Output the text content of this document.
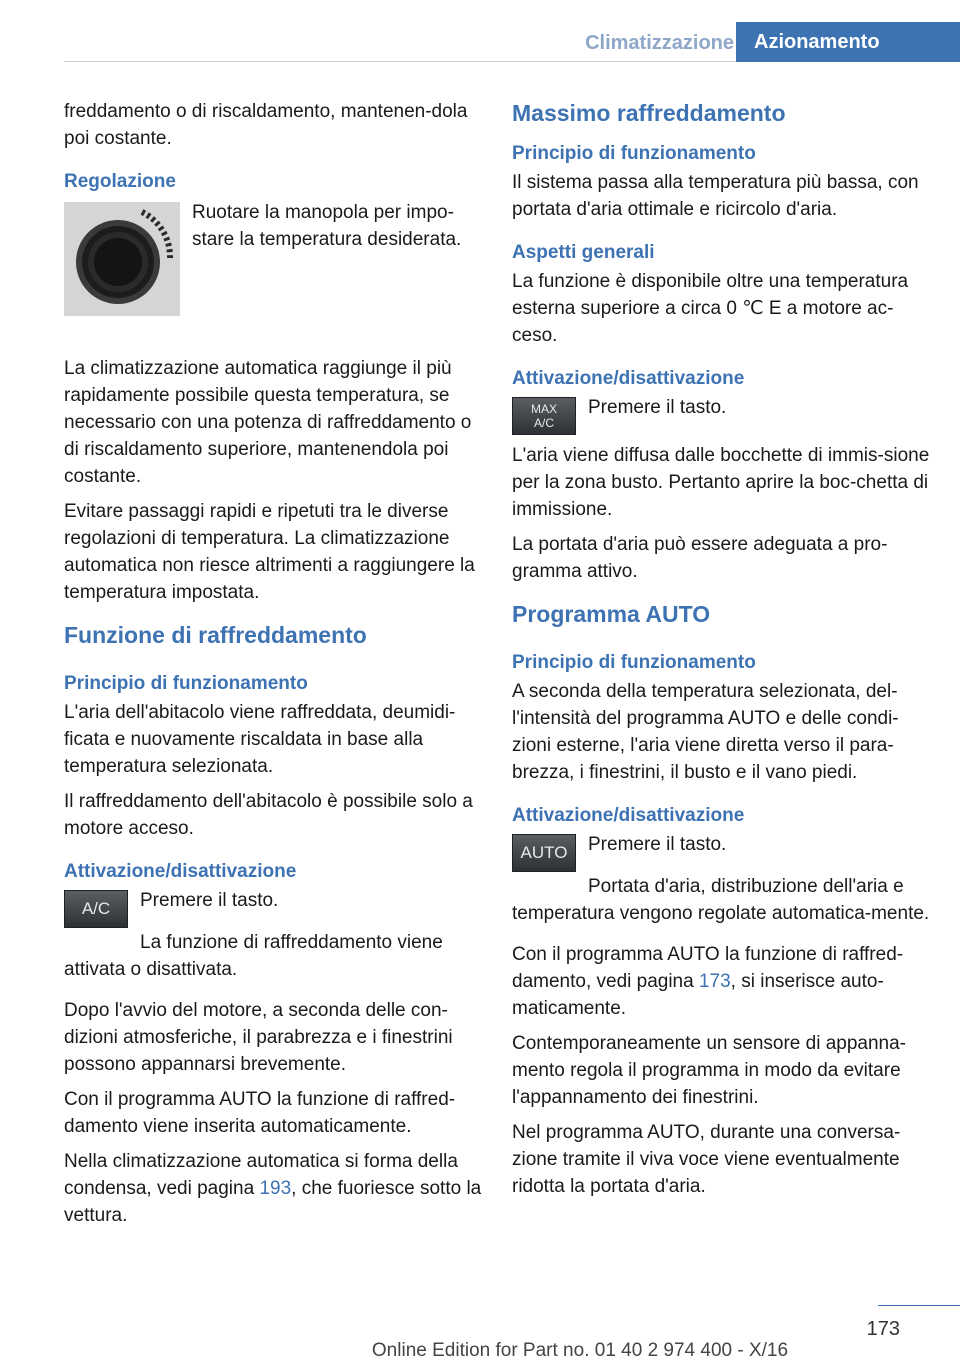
Climatizzazione	Azionamento

freddamento o di riscaldamento, mantenen-dola poi costante.

Regolazione

Ruotare la manopola per impo-stare la temperatura desiderata.

La climatizzazione automatica raggiunge il più rapidamente possibile questa temperatura, se necessario con una potenza di raffreddamento o di riscaldamento superiore, mantenendola poi costante.

Evitare passaggi rapidi e ripetuti tra le diverse regolazioni di temperatura. La climatizzazione automatica non riesce altrimenti a raggiungere la temperatura impostata.

Funzione di raffreddamento
Principio di funzionamento

L'aria dell'abitacolo viene raffreddata, deumidi-ficata e nuovamente riscaldata in base alla temperatura selezionata.

Il raffreddamento dell'abitacolo è possibile solo a motore acceso.

Attivazione/disattivazione
A/C	Premere il tasto.

La funzione di raffreddamento viene attivata o disattivata.

Dopo l'avvio del motore, a seconda delle con-dizioni atmosferiche, il parabrezza e i finestrini possono appannarsi brevemente.

Con il programma AUTO la funzione di raffred-damento viene inserita automaticamente.

Nella climatizzazione automatica si forma della condensa, vedi pagina 193, che fuoriesce sotto la vettura.

Massimo raffreddamento
Principio di funzionamento

Il sistema passa alla temperatura più bassa, con portata d'aria ottimale e ricircolo d'aria.

Aspetti generali

La funzione è disponibile oltre una temperatura esterna superiore a circa 0 ℃ E a motore ac-ceso.

Attivazione/disattivazione
MAX
A/C

Premere il tasto.

L'aria viene diffusa dalle bocchette di immis-sione per la zona busto. Pertanto aprire la boc-chetta di immissione.

La portata d'aria può essere adeguata a pro-gramma attivo.

Programma AUTO
Principio di funzionamento

A seconda della temperatura selezionata, del-l'intensità del programma AUTO e delle condi-zioni esterne, l'aria viene diretta verso il para-brezza, i finestrini, il busto e il vano piedi.

Attivazione/disattivazione
AUTO	Premere il tasto.

Portata d'aria, distribuzione dell'aria e temperatura vengono regolate automatica-mente.

Con il programma AUTO la funzione di raffred-damento, vedi pagina 173, si inserisce auto-maticamente.

Contemporaneamente un sensore di appanna-mento regola il programma in modo da evitare l'appannamento dei finestrini.

Nel programma AUTO, durante una conversa-zione tramite il viva voce viene eventualmente ridotta la portata d'aria.

173
Online Edition for Part no. 01 40 2 974 400 - X/16
